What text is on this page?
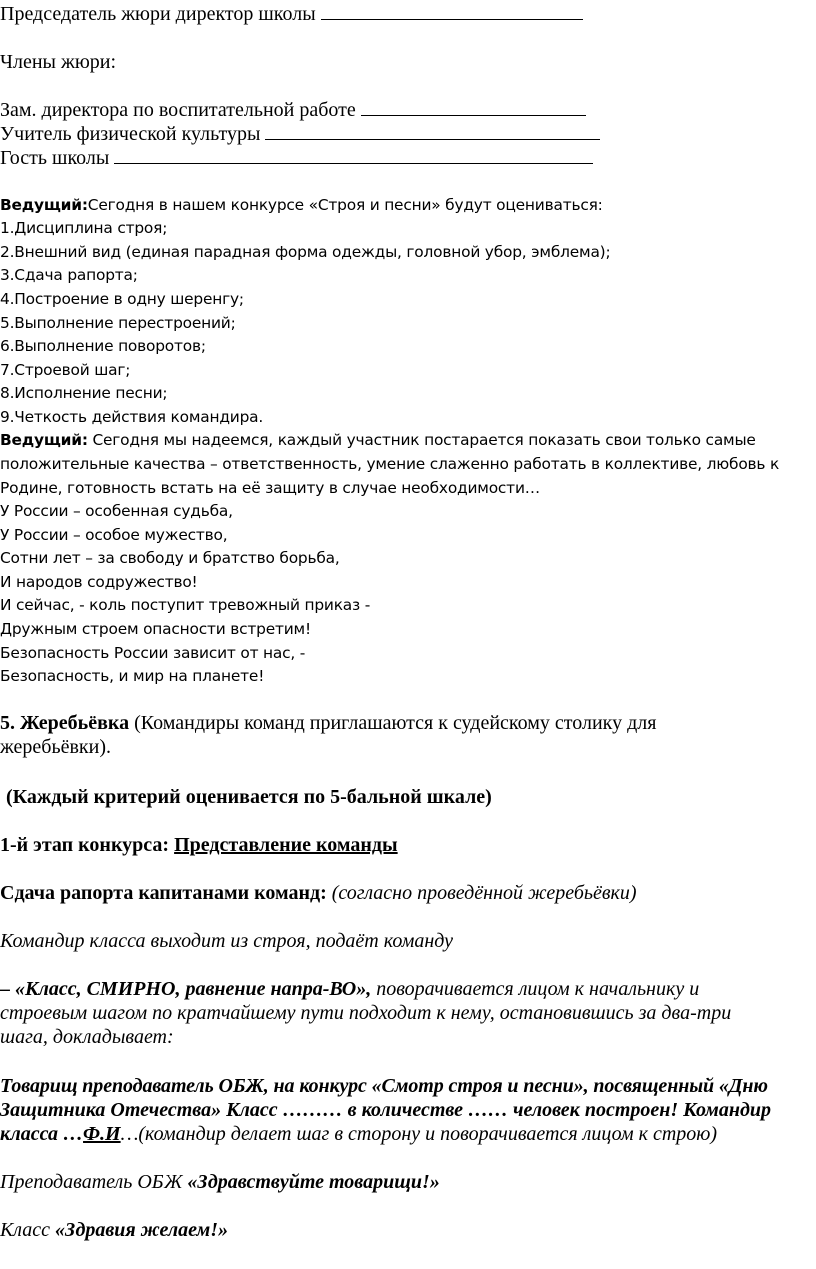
Председатель жюри директор школы
Члены жюри:
Зам. директора по воспитательной работе
Учитель физической культуры
Гость школы
Ведущий:Сегодня в нашем конкурсе «Строя и песни» будут оцениваться:
1.Дисциплина строя;
2.Внешний вид (единая парадная форма одежды, головной убор, эмблема);
3.Сдача рапорта;
4.Построение в одну шеренгу;
5.Выполнение перестроений;
6.Выполнение поворотов;
7.Строевой шаг;
8.Исполнение песни;
9.Четкость действия командира.
Ведущий: Сегодня мы надеемся, каждый участник постарается показать свои только самые
положительные качества – ответственность, умение слаженно работать в коллективе, любовь к
Родине, готовность встать на её защиту в случае необходимости…
У России – особенная судьба,
У России – особое мужество,
Сотни лет – за свободу и братство борьба,
И народов содружество!
И сейчас, - коль поступит тревожный приказ -
Дружным строем опасности встретим!
Безопасность России зависит от нас, -
Безопасность, и мир на планете!
5. Жеребьёвка (Командиры команд приглашаются к судейскому столику для
жеребьёвки).
(Каждый критерий оценивается по 5-бальной шкале)
1-й этап конкурса: Представление команды
Сдача рапорта капитанами команд: (согласно проведённой жеребьёвки)
Командир класса выходит из строя, подаёт команду
– «Класс, СМИРНО, равнение напра-ВО», поворачивается лицом к начальнику и
строевым шагом по кратчайшему пути подходит к нему, остановившись за два-три
шага, докладывает:
Товарищ преподаватель ОБЖ, на конкурс «Смотр строя и песни», посвященный «Дню
Защитника Отечества» Класс ……… в количестве …… человек построен! Командир
класса …Ф.И…(командир делает шаг в сторону и поворачивается лицом к строю)
Преподаватель ОБЖ «Здравствуйте товарищи!»
Класс «Здравия желаем!»
